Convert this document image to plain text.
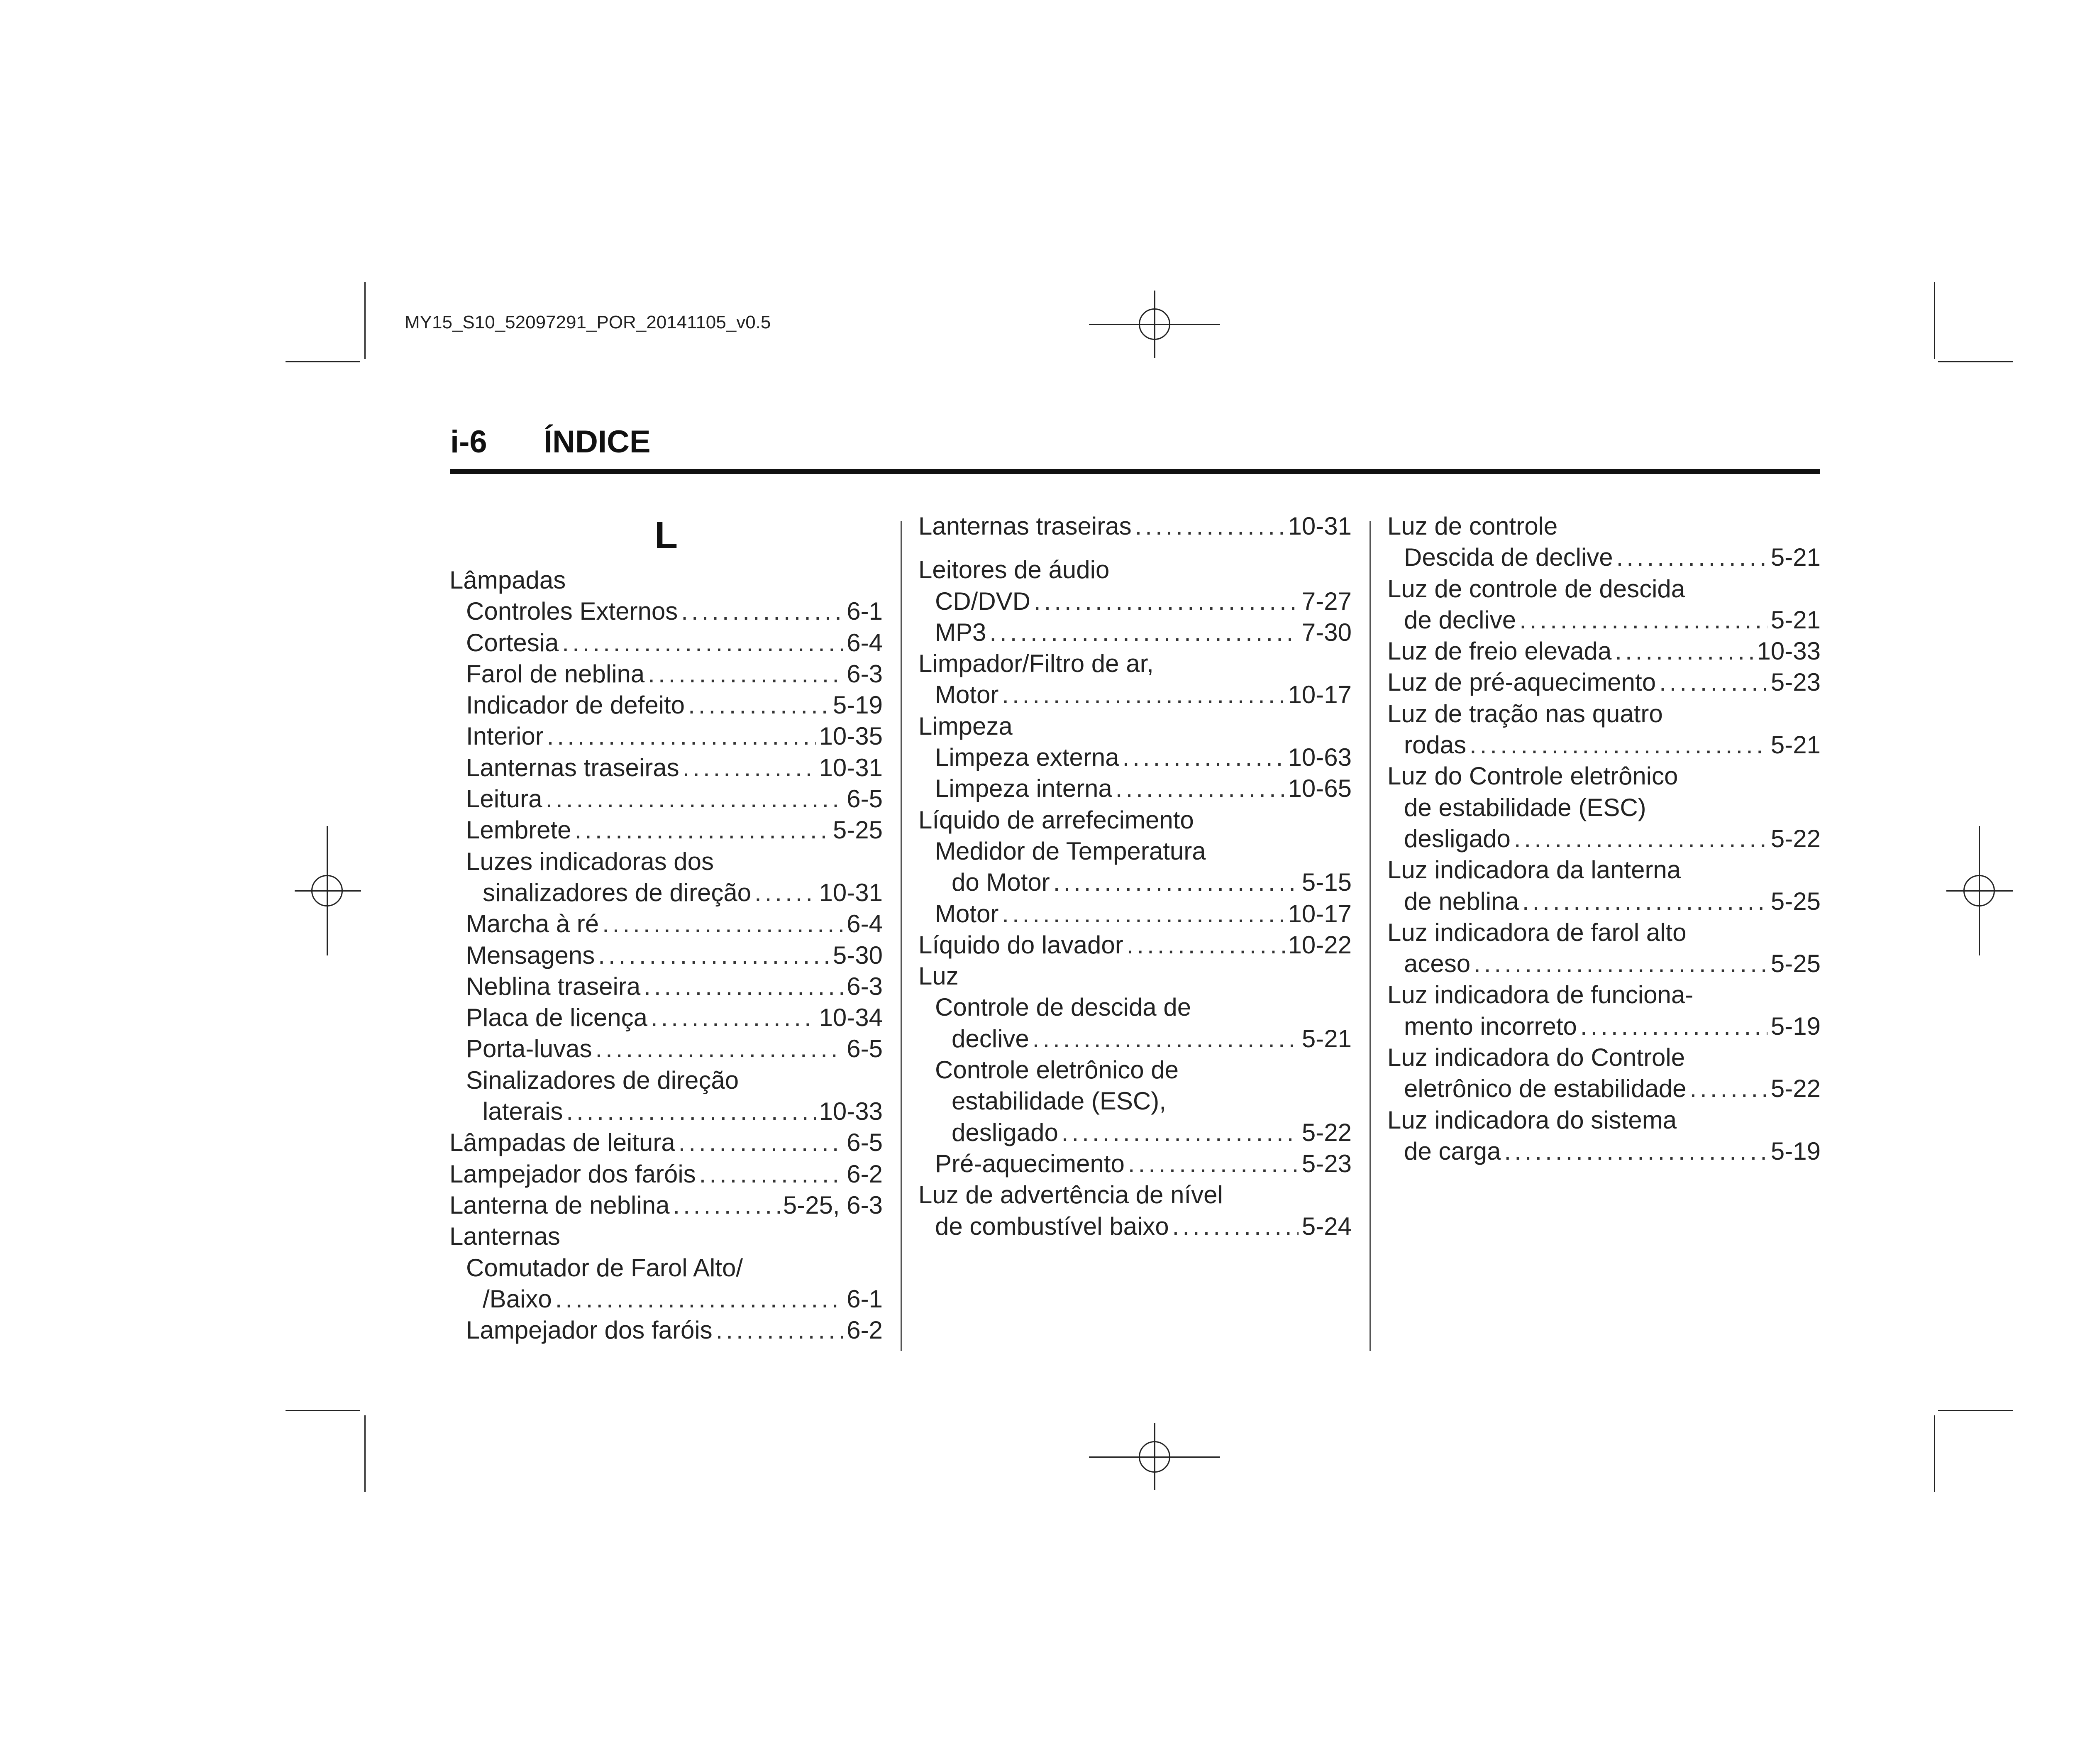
MY15_S10_52097291_POR_20141105_v0.5
i-6 ÍNDICE
L
Lâmpadas
Controles Externos .....	6-1
Cortesia .....	6-4
Farol de neblina .....	6-3
Indicador de defeito .....	5-19
Interior .....	10-35
Lanternas traseiras .....	10-31
Leitura .....	6-5
Lembrete .....	5-25
Luzes indicadoras dos
sinalizadores de direção .....	10-31
Marcha à ré .....	6-4
Mensagens .....	5-30
Neblina traseira .....	6-3
Placa de licença .....	10-34
Porta-luvas .....	6-5
Sinalizadores de direção
laterais .....	10-33
Lâmpadas de leitura .....	6-5
Lampejador dos faróis .....	6-2
Lanterna de neblina .....	5-25, 6-3
Lanternas
Comutador de Farol Alto/
/Baixo .....	6-1
Lampejador dos faróis .....	6-2
Lanternas traseiras .....	10-31
Leitores de áudio
CD/DVD .....	7-27
MP3 .....	7-30
Limpador/Filtro de ar,
Motor .....	10-17
Limpeza
Limpeza externa .....	10-63
Limpeza interna .....	10-65
Líquido de arrefecimento
Medidor de Temperatura
do Motor .....	5-15
Motor .....	10-17
Líquido do lavador .....	10-22
Luz
Controle de descida de
declive .....	5-21
Controle eletrônico de
estabilidade (ESC),
desligado .....	5-22
Pré-aquecimento .....	5-23
Luz de advertência de nível
de combustível baixo .....	5-24
Luz de controle
Descida de declive .....	5-21
Luz de controle de descida
de declive .....	5-21
Luz de freio elevada .....	10-33
Luz de pré-aquecimento .....	5-23
Luz de tração nas quatro
rodas .....	5-21
Luz do Controle eletrônico
de estabilidade (ESC)
desligado .....	5-22
Luz indicadora da lanterna
de neblina .....	5-25
Luz indicadora de farol alto
aceso .....	5-25
Luz indicadora de funciona-
mento incorreto .....	5-19
Luz indicadora do Controle
eletrônico de estabilidade .....	5-22
Luz indicadora do sistema
de carga .....	5-19
